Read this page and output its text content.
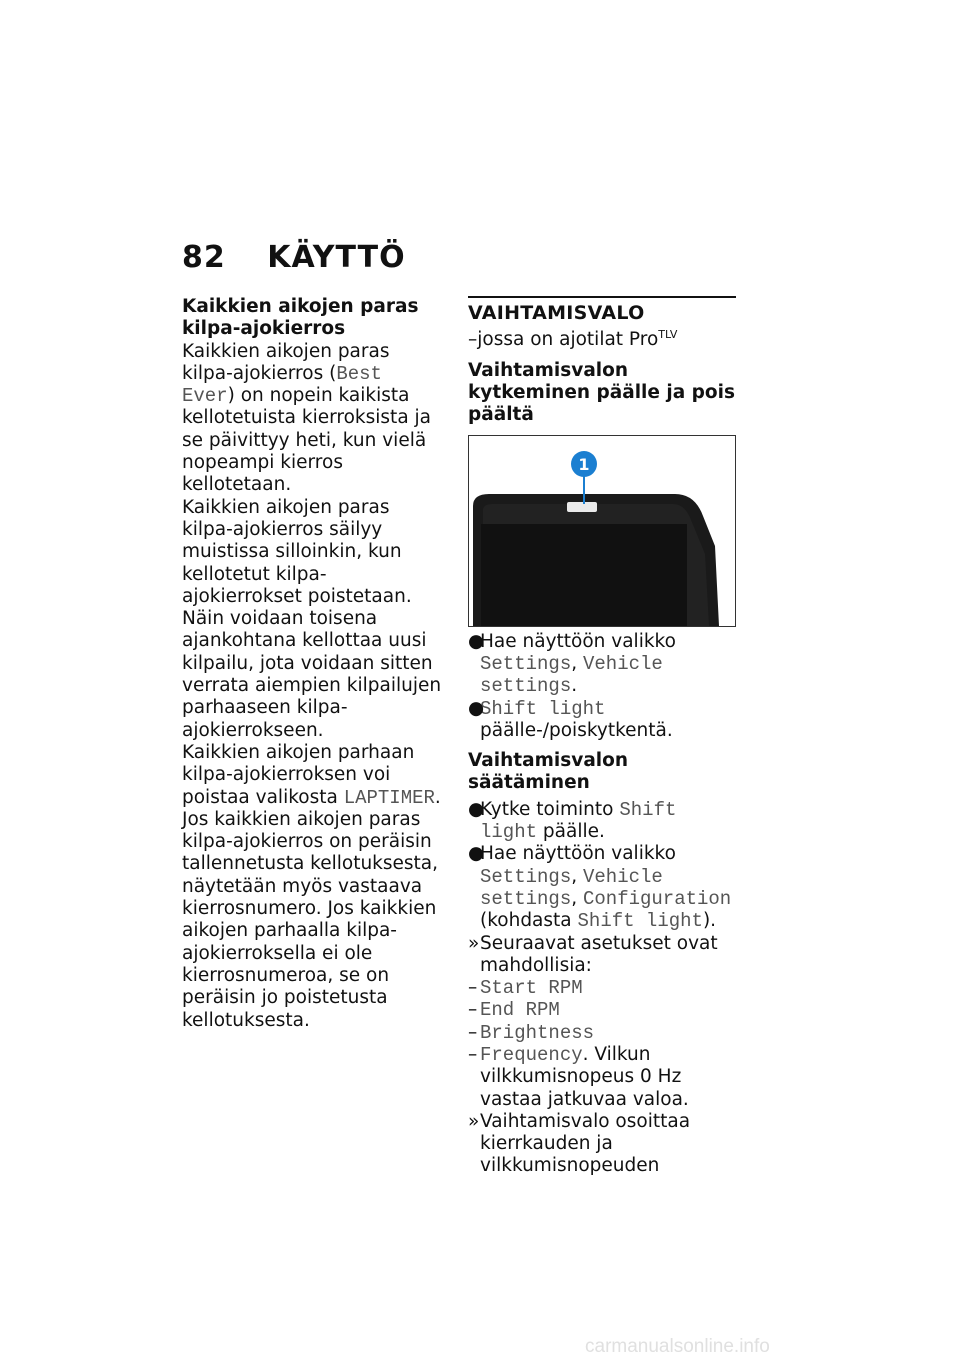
82 KÄYTTÖ
Kaikkien aikojen paras kilpa-ajokierros

Kaikkien aikojen paras kilpa-ajokierros (Best Ever) on nopein kaikista kellotetuista kierroksista ja se päivittyy heti, kun vielä nopeampi kierros kellotetaan.

Kaikkien aikojen paras kilpa-ajokierros säilyy muistissa silloinkin, kun kellotetut kilpa-ajokierrokset poistetaan. Näin voidaan toisena ajankohtana kellottaa uusi kilpailu, jota voidaan sitten verrata aiempien kilpailujen parhaaseen kilpa-ajokierrokseen.

Kaikkien aikojen parhaan kilpa-ajokierroksen voi poistaa valikosta LAPTIMER.

Jos kaikkien aikojen paras kilpa-ajokierros on peräisin tallennetusta kellotuksesta, näytetään myös vastaava kierrosnumero. Jos kaikkien aikojen parhaalla kilpa-ajokierroksella ei ole kierrosnumeroa, se on peräisin jo poistetusta kellotuksesta.

VAIHTAMISVALO
–jossa on ajotilat Pro$^{TLV}$
Vaihtamisvalon kytkeminen päälle ja pois päältä
1
●
Hae näyttöön valikko Settings, Vehicle settings.
●
Shift light päälle-/poiskytkentä.
Vaihtamisvalon säätäminen
●
Kytke toiminto Shift light päälle.
●
Hae näyttöön valikko Settings, Vehicle settings, Configuration (kohdasta Shift light).
» Seuraavat asetukset ovat mahdollisia:
– Start RPM
– End RPM
– Brightness
– Frequency. Vilkun vilkkumisnopeus 0 Hz vastaa jatkuvaa valoa.
» Vaihtamisvalo osoittaa kierrkauden ja vilkkumisnopeuden
carmanualsonline.info
